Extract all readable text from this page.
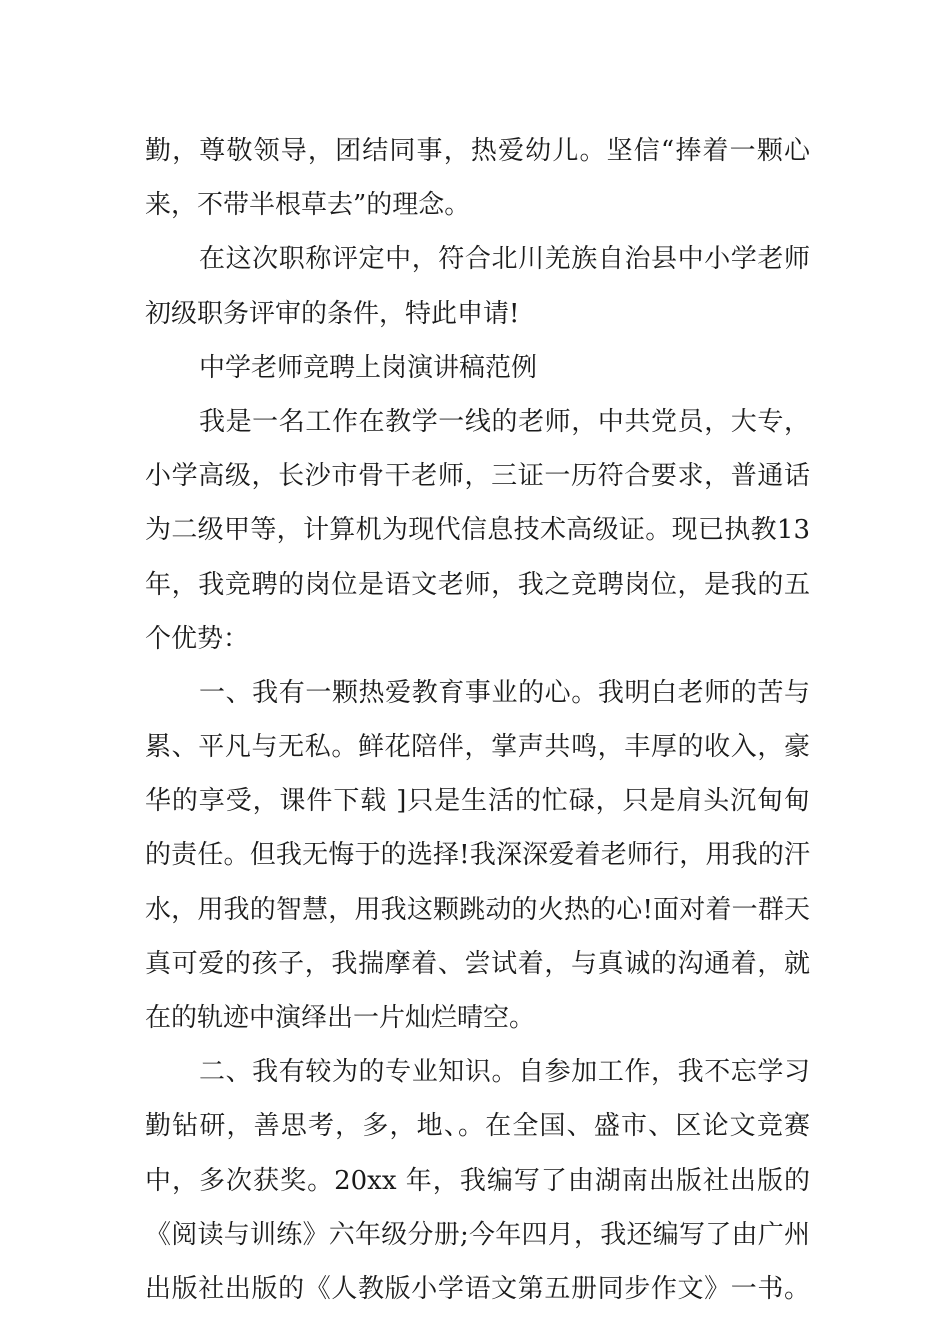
勤，尊敬领导，团结同事，热爱幼儿。坚信“捧着一颗心
来，不带半根草去”的理念。
在这次职称评定中，符合北川羌族自治县中小学老师
初级职务评审的条件，特此申请!
中学老师竞聘上岗演讲稿范例
我是一名工作在教学一线的老师，中共党员，大专，
小学高级，长沙市骨干老师，三证一历符合要求，普通话
为二级甲等，计算机为现代信息技术高级证。现已执教13
年，我竞聘的岗位是语文老师，我之竞聘岗位，是我的五
个优势：
一、我有一颗热爱教育事业的心。我明白老师的苦与
累、平凡与无私。鲜花陪伴，掌声共鸣，丰厚的收入，豪
华的享受，课件下载 ]只是生活的忙碌，只是肩头沉甸甸
的责任。但我无悔于的选择!我深深爱着老师行，用我的汗
水，用我的智慧，用我这颗跳动的火热的心!面对着一群天
真可爱的孩子，我揣摩着、尝试着，与真诚的沟通着，就
在的轨迹中演绎出一片灿烂晴空。
二、我有较为的专业知识。自参加工作，我不忘学习
勤钻研，善思考，多，地、。在全国、盛市、区论文竞赛
中，多次获奖。20xx 年，我编写了由湖南出版社出版的
《阅读与训练》六年级分册;今年四月，我还编写了由广州
出版社出版的《人教版小学语文第五册同步作文》一书。
